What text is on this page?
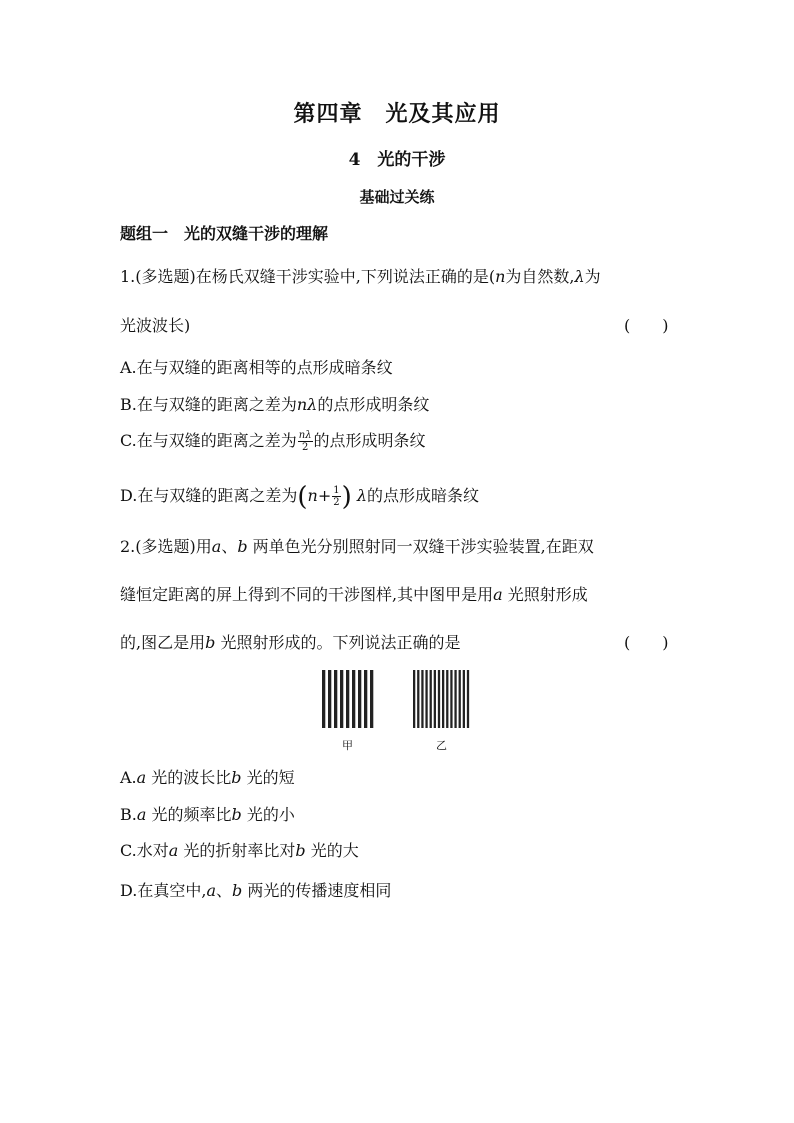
第四章　光及其应用
4　光的干涉
基础过关练
题组一　光的双缝干涉的理解
1.(多选题)在杨氏双缝干涉实验中,下列说法正确的是(n为自然数,λ为
光波波长)	(　　)
A.在与双缝的距离相等的点形成暗条纹
B.在与双缝的距离之差为nλ的点形成明条纹
C.在与双缝的距离之差为 $\frac{n\lambda}{2}$ 的点形成明条纹
D.在与双缝的距离之差为($n+ \frac{1}{2}$ ) λ的点形成暗条纹
2.(多选题)用a、b 两单色光分别照射同一双缝干涉实验装置,在距双
缝恒定距离的屏上得到不同的干涉图样,其中图甲是用a 光照射形成
的,图乙是用b 光照射形成的。下列说法正确的是	(　　)
甲	乙
A.a 光的波长比b 光的短
B.a 光的频率比b 光的小
C.水对a 光的折射率比对b 光的大
D.在真空中,a、b 两光的传播速度相同
